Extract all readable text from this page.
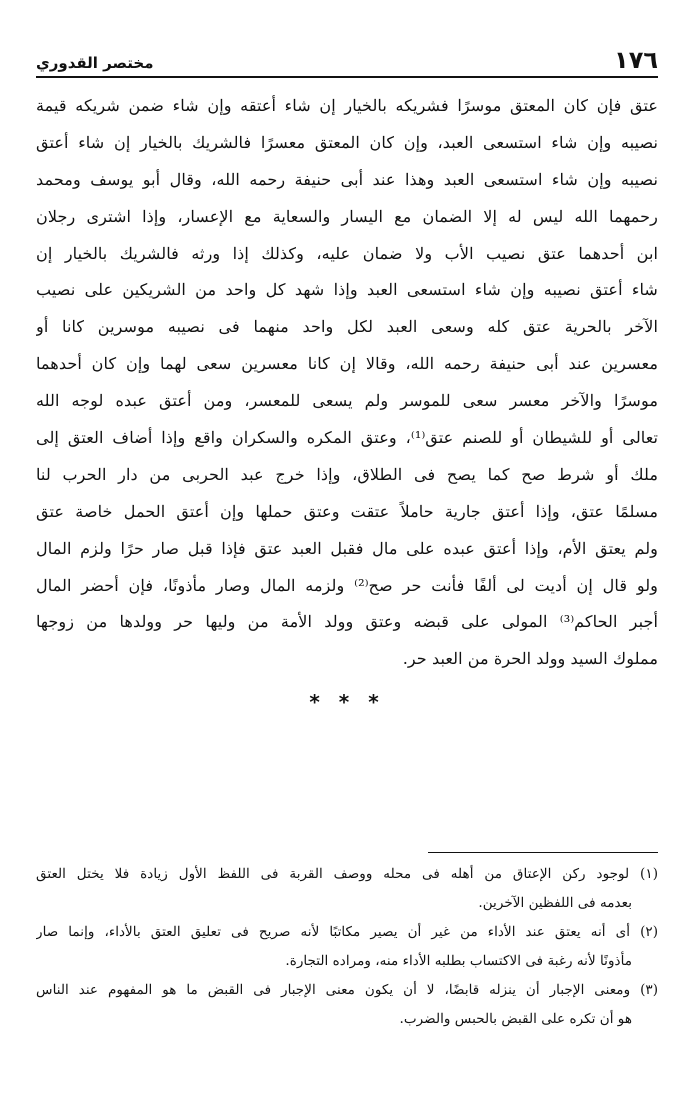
١٧٦
مختصر القدوري
عتق فإن كان المعتق موسرًا فشريكه بالخيار إن شاء أعتقه وإن شاء ضمن شريكه قيمة
نصيبه وإن شاء استسعى العبد، وإن كان المعتق معسرًا فالشريك بالخيار إن شاء أعتق
نصيبه وإن شاء استسعى العبد وهذا عند أبى حنيفة رحمه الله، وقال أبو يوسف ومحمد
رحمهما الله ليس له إلا الضمان مع اليسار والسعاية مع الإعسار، وإذا اشترى رجلان
ابن أحدهما عتق نصيب الأب ولا ضمان عليه، وكذلك إذا ورثه فالشريك بالخيار إن
شاء أعتق نصيبه وإن شاء استسعى العبد وإذا شهد كل واحد من الشريكين على نصيب
الآخر بالحرية عتق كله وسعى العبد لكل واحد منهما فى نصيبه موسرين كانا أو
معسرين عند أبى حنيفة رحمه الله، وقالا إن كانا معسرين سعى لهما وإن كان أحدهما
موسرًا والآخر معسر سعى للموسر ولم يسعى للمعسر، ومن أعتق عبده لوجه الله
تعالى أو للشيطان أو للصنم عتق⁽¹⁾، وعتق المكره والسكران واقع وإذا أضاف العتق إلى
ملك أو شرط صح كما يصح فى الطلاق، وإذا خرج عبد الحربى من دار الحرب لنا
مسلمًا عتق، وإذا أعتق جارية حاملاً عتقت وعتق حملها وإن أعتق الحمل خاصة عتق
ولم يعتق الأم، وإذا أعتق عبده على مال فقبل العبد عتق فإذا قبل صار حرًا ولزم المال
ولو قال إن أديت لى ألفًا فأنت حر صح⁽²⁾ ولزمه المال وصار مأذونًا، فإن أحضر المال
أجبر الحاكم⁽³⁾ المولى على قبضه وعتق وولد الأمة من وليها حر وولدها من زوجها
مملوك السيد وولد الحرة من العبد حر.
* * *
(١) لوجود ركن الإعتاق من أهله فى محله ووصف القربة فى اللفظ الأول زيادة فلا يختل العتق
بعدمه فى اللفظين الآخرين.
(٢) أى أنه يعتق عند الأداء من غير أن يصير مكاتبًا لأنه صريح فى تعليق العتق بالأداء، وإنما صار
مأذونًا لأنه رغبة فى الاكتساب بطلبه الأداء منه، ومراده التجارة.
(٣) ومعنى الإجبار أن ينزله قابضًا، لا أن يكون معنى الإجبار فى القبض ما هو المفهوم عند الناس
هو أن تكره على القبض بالحبس والضرب.
